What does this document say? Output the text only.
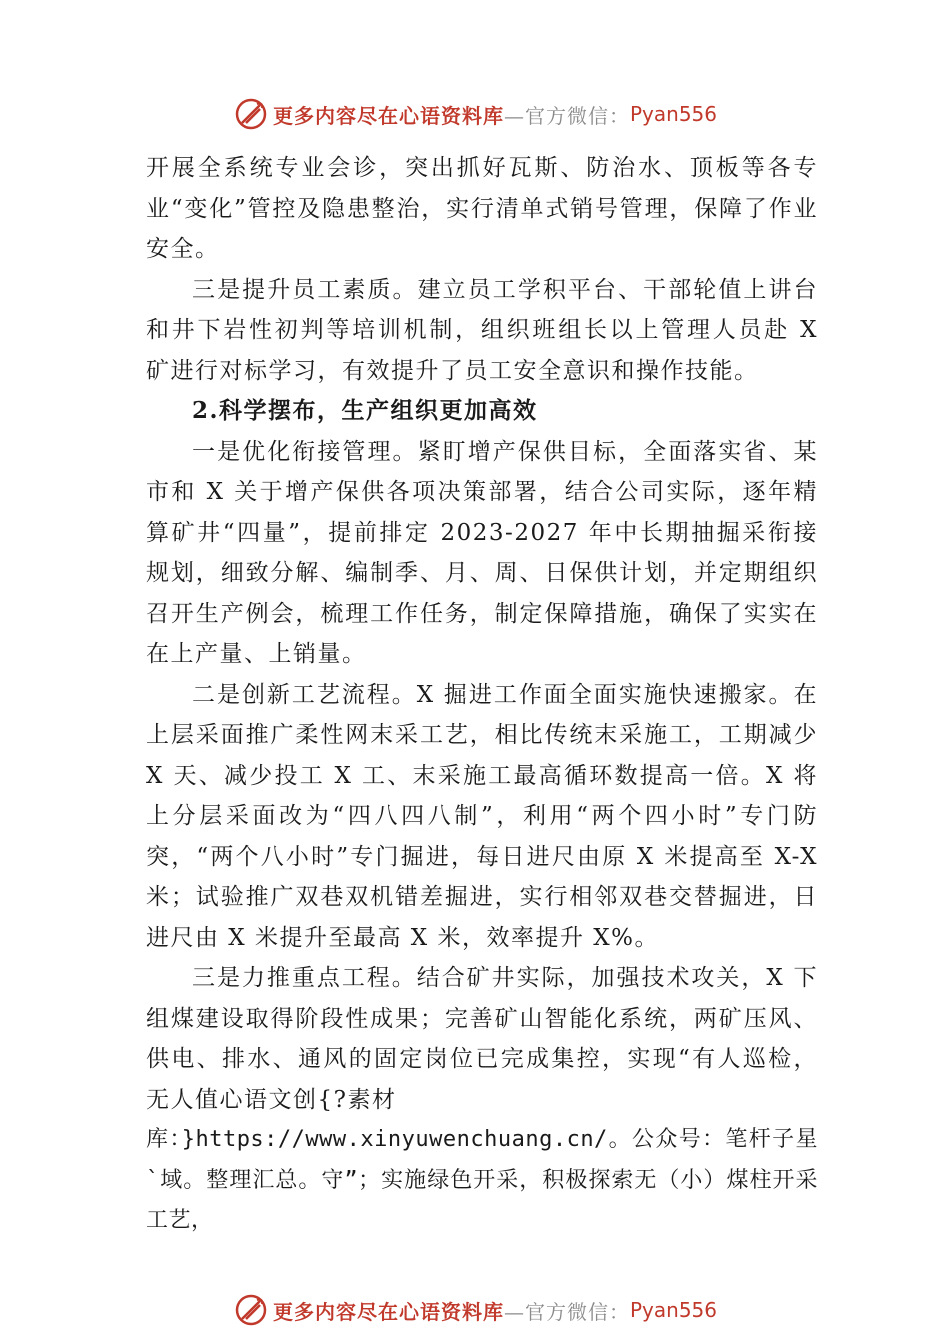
更多内容尽在心语资料库 —官方微信： Pyan556

开展全系统专业会诊，突出抓好瓦斯、防治水、顶板等各专业“变化”管控及隐患整治，实行清单式销号管理，保障了作业安全。

三是提升员工素质。建立员工学积平台、干部轮值上讲台和井下岩性初判等培训机制，组织班组长以上管理人员赴 X 矿进行对标学习，有效提升了员工安全意识和操作技能。

2.科学摆布，生产组织更加高效

一是优化衔接管理。紧盯增产保供目标，全面落实省、某市和 X 关于增产保供各项决策部署，结合公司实际，逐年精算矿井“四量”，提前排定 2023-2027 年中长期抽掘采衔接规划，细致分解、编制季、月、周、日保供计划，并定期组织召开生产例会，梳理工作任务，制定保障措施，确保了实实在在上产量、上销量。

二是创新工艺流程。X 掘进工作面全面实施快速搬家。在上层采面推广柔性网末采工艺，相比传统末采施工，工期减少 X 天、减少投工 X 工、末采施工最高循环数提高一倍。X 将上分层采面改为“四八四八制”，利用“两个四小时”专门防突，“两个八小时”专门掘进，每日进尺由原 X 米提高至 X-X 米；试验推广双巷双机错差掘进，实行相邻双巷交替掘进，日进尺由 X 米提升至最高 X 米，效率提升 X%。

三是力推重点工程。结合矿井实际，加强技术攻关，X 下组煤建设取得阶段性成果；完善矿山智能化系统，两矿压风、供电、排水、通风的固定岗位已完成集控，实现“有人巡检， 无人值心语文创{?素材

库：}https://www.xinyuwenchuang.cn/。公众号：笔杆子星`域。整理汇总。守”；实施绿色开采，积极探索无（小）煤柱开采工艺，

更多内容尽在心语资料库 —官方微信： Pyan556
